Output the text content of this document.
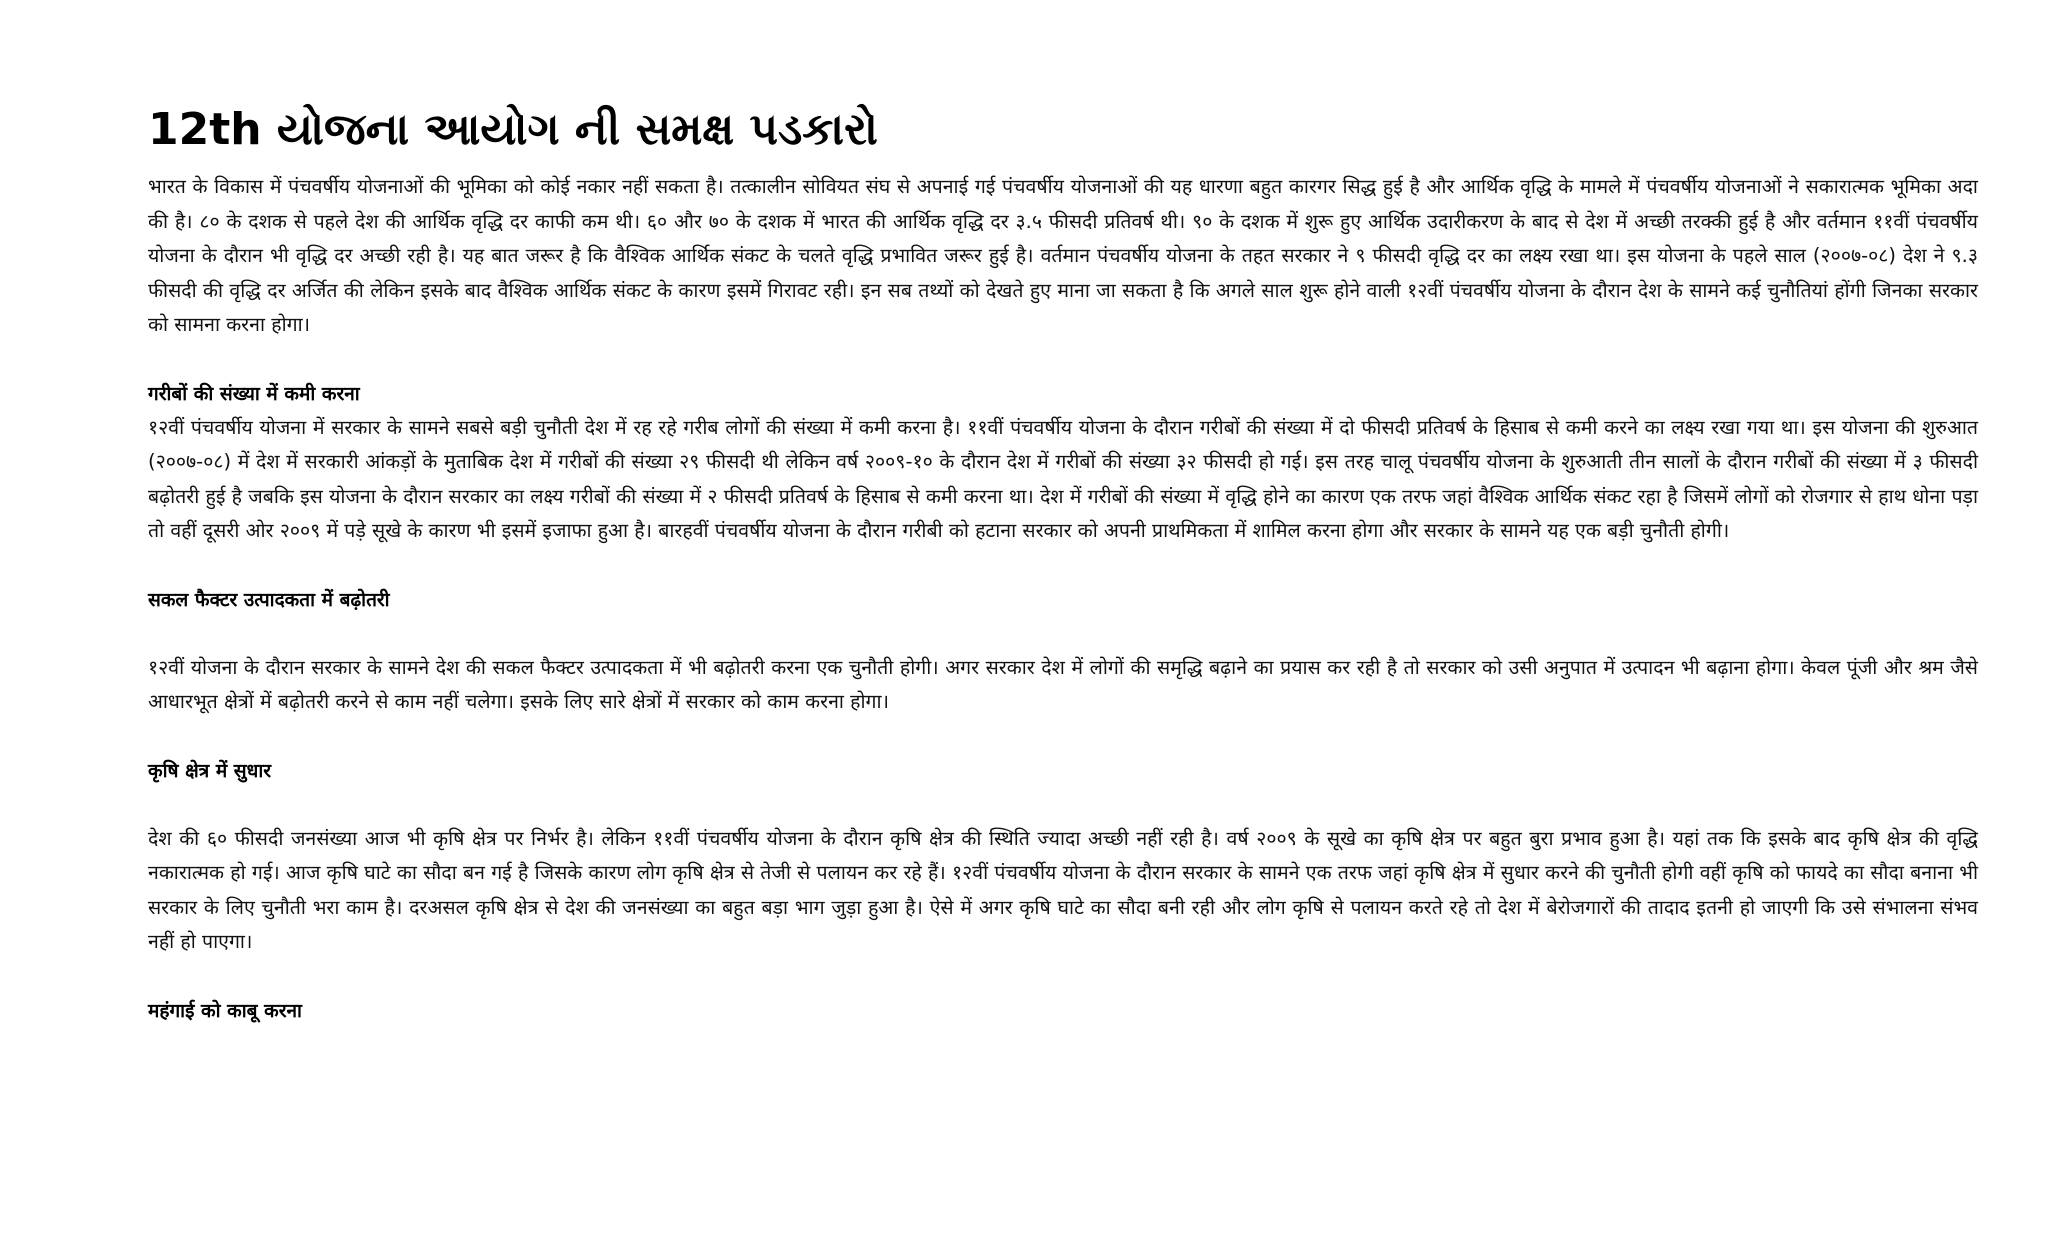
12th યોજના આયોગ ની સમક્ષ પડકારો

भारत के विकास में पंचवर्षीय योजनाओं की भूमिका को कोई नकार नहीं सकता है। तत्कालीन सोवियत संघ से अपनाई गई पंचवर्षीय योजनाओं की यह धारणा बहुत कारगर सिद्ध हुई है और आर्थिक वृद्धि के मामले में पंचवर्षीय योजनाओं ने सकारात्मक भूमिका अदा की है। ८० के दशक से पहले देश की आर्थिक वृद्धि दर काफी कम थी। ६० और ७० के दशक में भारत की आर्थिक वृद्धि दर ३.५ फीसदी प्रतिवर्ष थी। ९० के दशक में शुरू हुए आर्थिक उदारीकरण के बाद से देश में अच्छी तरक्की हुई है और वर्तमान ११वीं पंचवर्षीय योजना के दौरान भी वृद्धि दर अच्छी रही है। यह बात जरूर है कि वैश्विक आर्थिक संकट के चलते वृद्धि प्रभावित जरूर हुई है। वर्तमान पंचवर्षीय योजना के तहत सरकार ने ९ फीसदी वृद्धि दर का लक्ष्य रखा था। इस योजना के पहले साल (२००७-०८) देश ने ९.३ फीसदी की वृद्धि दर अर्जित की लेकिन इसके बाद वैश्विक आर्थिक संकट के कारण इसमें गिरावट रही। इन सब तथ्यों को देखते हुए माना जा सकता है कि अगले साल शुरू होने वाली १२वीं पंचवर्षीय योजना के दौरान देश के सामने कई चुनौतियां होंगी जिनका सरकार को सामना करना होगा।

गरीबों की संख्या में कमी करना

१२वीं पंचवर्षीय योजना में सरकार के सामने सबसे बड़ी चुनौती देश में रह रहे गरीब लोगों की संख्या में कमी करना है। ११वीं पंचवर्षीय योजना के दौरान गरीबों की संख्या में दो फीसदी प्रतिवर्ष के हिसाब से कमी करने का लक्ष्य रखा गया था। इस योजना की शुरुआत (२००७-०८) में देश में सरकारी आंकड़ों के मुताबिक देश में गरीबों की संख्या २९ फीसदी थी लेकिन वर्ष २००९-१० के दौरान देश में गरीबों की संख्या ३२ फीसदी हो गई। इस तरह चालू पंचवर्षीय योजना के शुरुआती तीन सालों के दौरान गरीबों की संख्या में ३ फीसदी बढ़ोतरी हुई है जबकि इस योजना के दौरान सरकार का लक्ष्य गरीबों की संख्या में २ फीसदी प्रतिवर्ष के हिसाब से कमी करना था। देश में गरीबों की संख्या में वृद्धि होने का कारण एक तरफ जहां वैश्विक आर्थिक संकट रहा है जिसमें लोगों को रोजगार से हाथ धोना पड़ा तो वहीं दूसरी ओर २००९ में पड़े सूखे के कारण भी इसमें इजाफा हुआ है। बारहवीं पंचवर्षीय योजना के दौरान गरीबी को हटाना सरकार को अपनी प्राथमिकता में शामिल करना होगा और सरकार के सामने यह एक बड़ी चुनौती होगी।

सकल फैक्टर उत्पादकता में बढ़ोतरी

१२वीं योजना के दौरान सरकार के सामने देश की सकल फैक्टर उत्पादकता में भी बढ़ोतरी करना एक चुनौती होगी। अगर सरकार देश में लोगों की समृद्धि बढ़ाने का प्रयास कर रही है तो सरकार को उसी अनुपात में उत्पादन भी बढ़ाना होगा। केवल पूंजी और श्रम जैसे आधारभूत क्षेत्रों में बढ़ोतरी करने से काम नहीं चलेगा। इसके लिए सारे क्षेत्रों में सरकार को काम करना होगा।

कृषि क्षेत्र में सुधार

देश की ६० फीसदी जनसंख्या आज भी कृषि क्षेत्र पर निर्भर है। लेकिन ११वीं पंचवर्षीय योजना के दौरान कृषि क्षेत्र की स्थिति ज्यादा अच्छी नहीं रही है। वर्ष २००९ के सूखे का कृषि क्षेत्र पर बहुत बुरा प्रभाव हुआ है। यहां तक कि इसके बाद कृषि क्षेत्र की वृद्धि नकारात्मक हो गई। आज कृषि घाटे का सौदा बन गई है जिसके कारण लोग कृषि क्षेत्र से तेजी से पलायन कर रहे हैं। १२वीं पंचवर्षीय योजना के दौरान सरकार के सामने एक तरफ जहां कृषि क्षेत्र में सुधार करने की चुनौती होगी वहीं कृषि को फायदे का सौदा बनाना भी सरकार के लिए चुनौती भरा काम है। दरअसल कृषि क्षेत्र से देश की जनसंख्या का बहुत बड़ा भाग जुड़ा हुआ है। ऐसे में अगर कृषि घाटे का सौदा बनी रही और लोग कृषि से पलायन करते रहे तो देश में बेरोजगारों की तादाद इतनी हो जाएगी कि उसे संभालना संभव नहीं हो पाएगा।

महंगाई को काबू करना
